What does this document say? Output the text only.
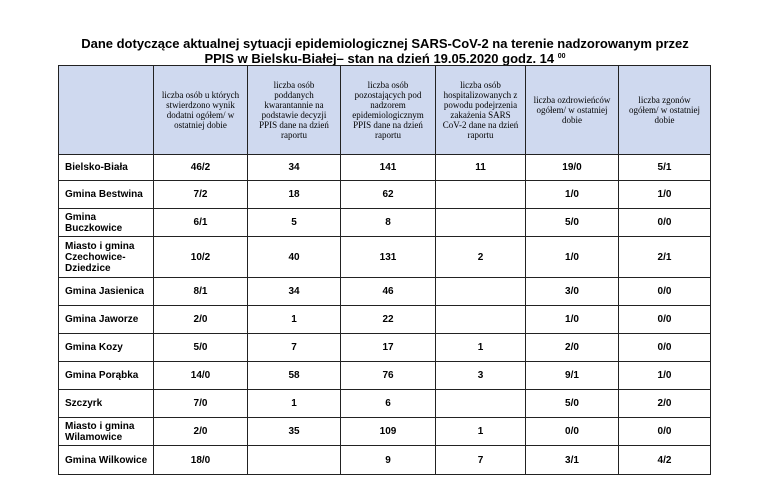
Dane dotyczące aktualnej sytuacji epidemiologicznej SARS-CoV-2 na terenie nadzorowanym przez
PPIS w Bielsku-Białej– stan na dzień 19.05.2020 godz. 14 $^{00}$
	liczba osób u których stwierdzono wynik dodatni ogółem/ w ostatniej dobie	liczba osób poddanych kwarantannie na podstawie decyzji PPIS dane na dzień raportu	liczba osób pozostających pod nadzorem epidemiologicznym PPIS dane na dzień raportu	liczba osób hospitalizowanych z powodu podejrzenia zakażenia SARS CoV-2 dane na dzień raportu	liczba ozdrowieńców ogółem/ w ostatniej dobie	liczba zgonów ogółem/ w ostatniej dobie
Bielsko-Biała	46/2	34	141	11	19/0	5/1
Gmina Bestwina	7/2	18	62		1/0	1/0
Gmina Buczkowice	6/1	5	8		5/0	0/0
Miasto i gmina Czechowice-Dziedzice	10/2	40	131	2	1/0	2/1
Gmina Jasienica	8/1	34	46		3/0	0/0
Gmina Jaworze	2/0	1	22		1/0	0/0
Gmina Kozy	5/0	7	17	1	2/0	0/0
Gmina Porąbka	14/0	58	76	3	9/1	1/0
Szczyrk	7/0	1	6		5/0	2/0
Miasto i gmina Wilamowice	2/0	35	109	1	0/0	0/0
Gmina Wilkowice	18/0		9	7	3/1	4/2
